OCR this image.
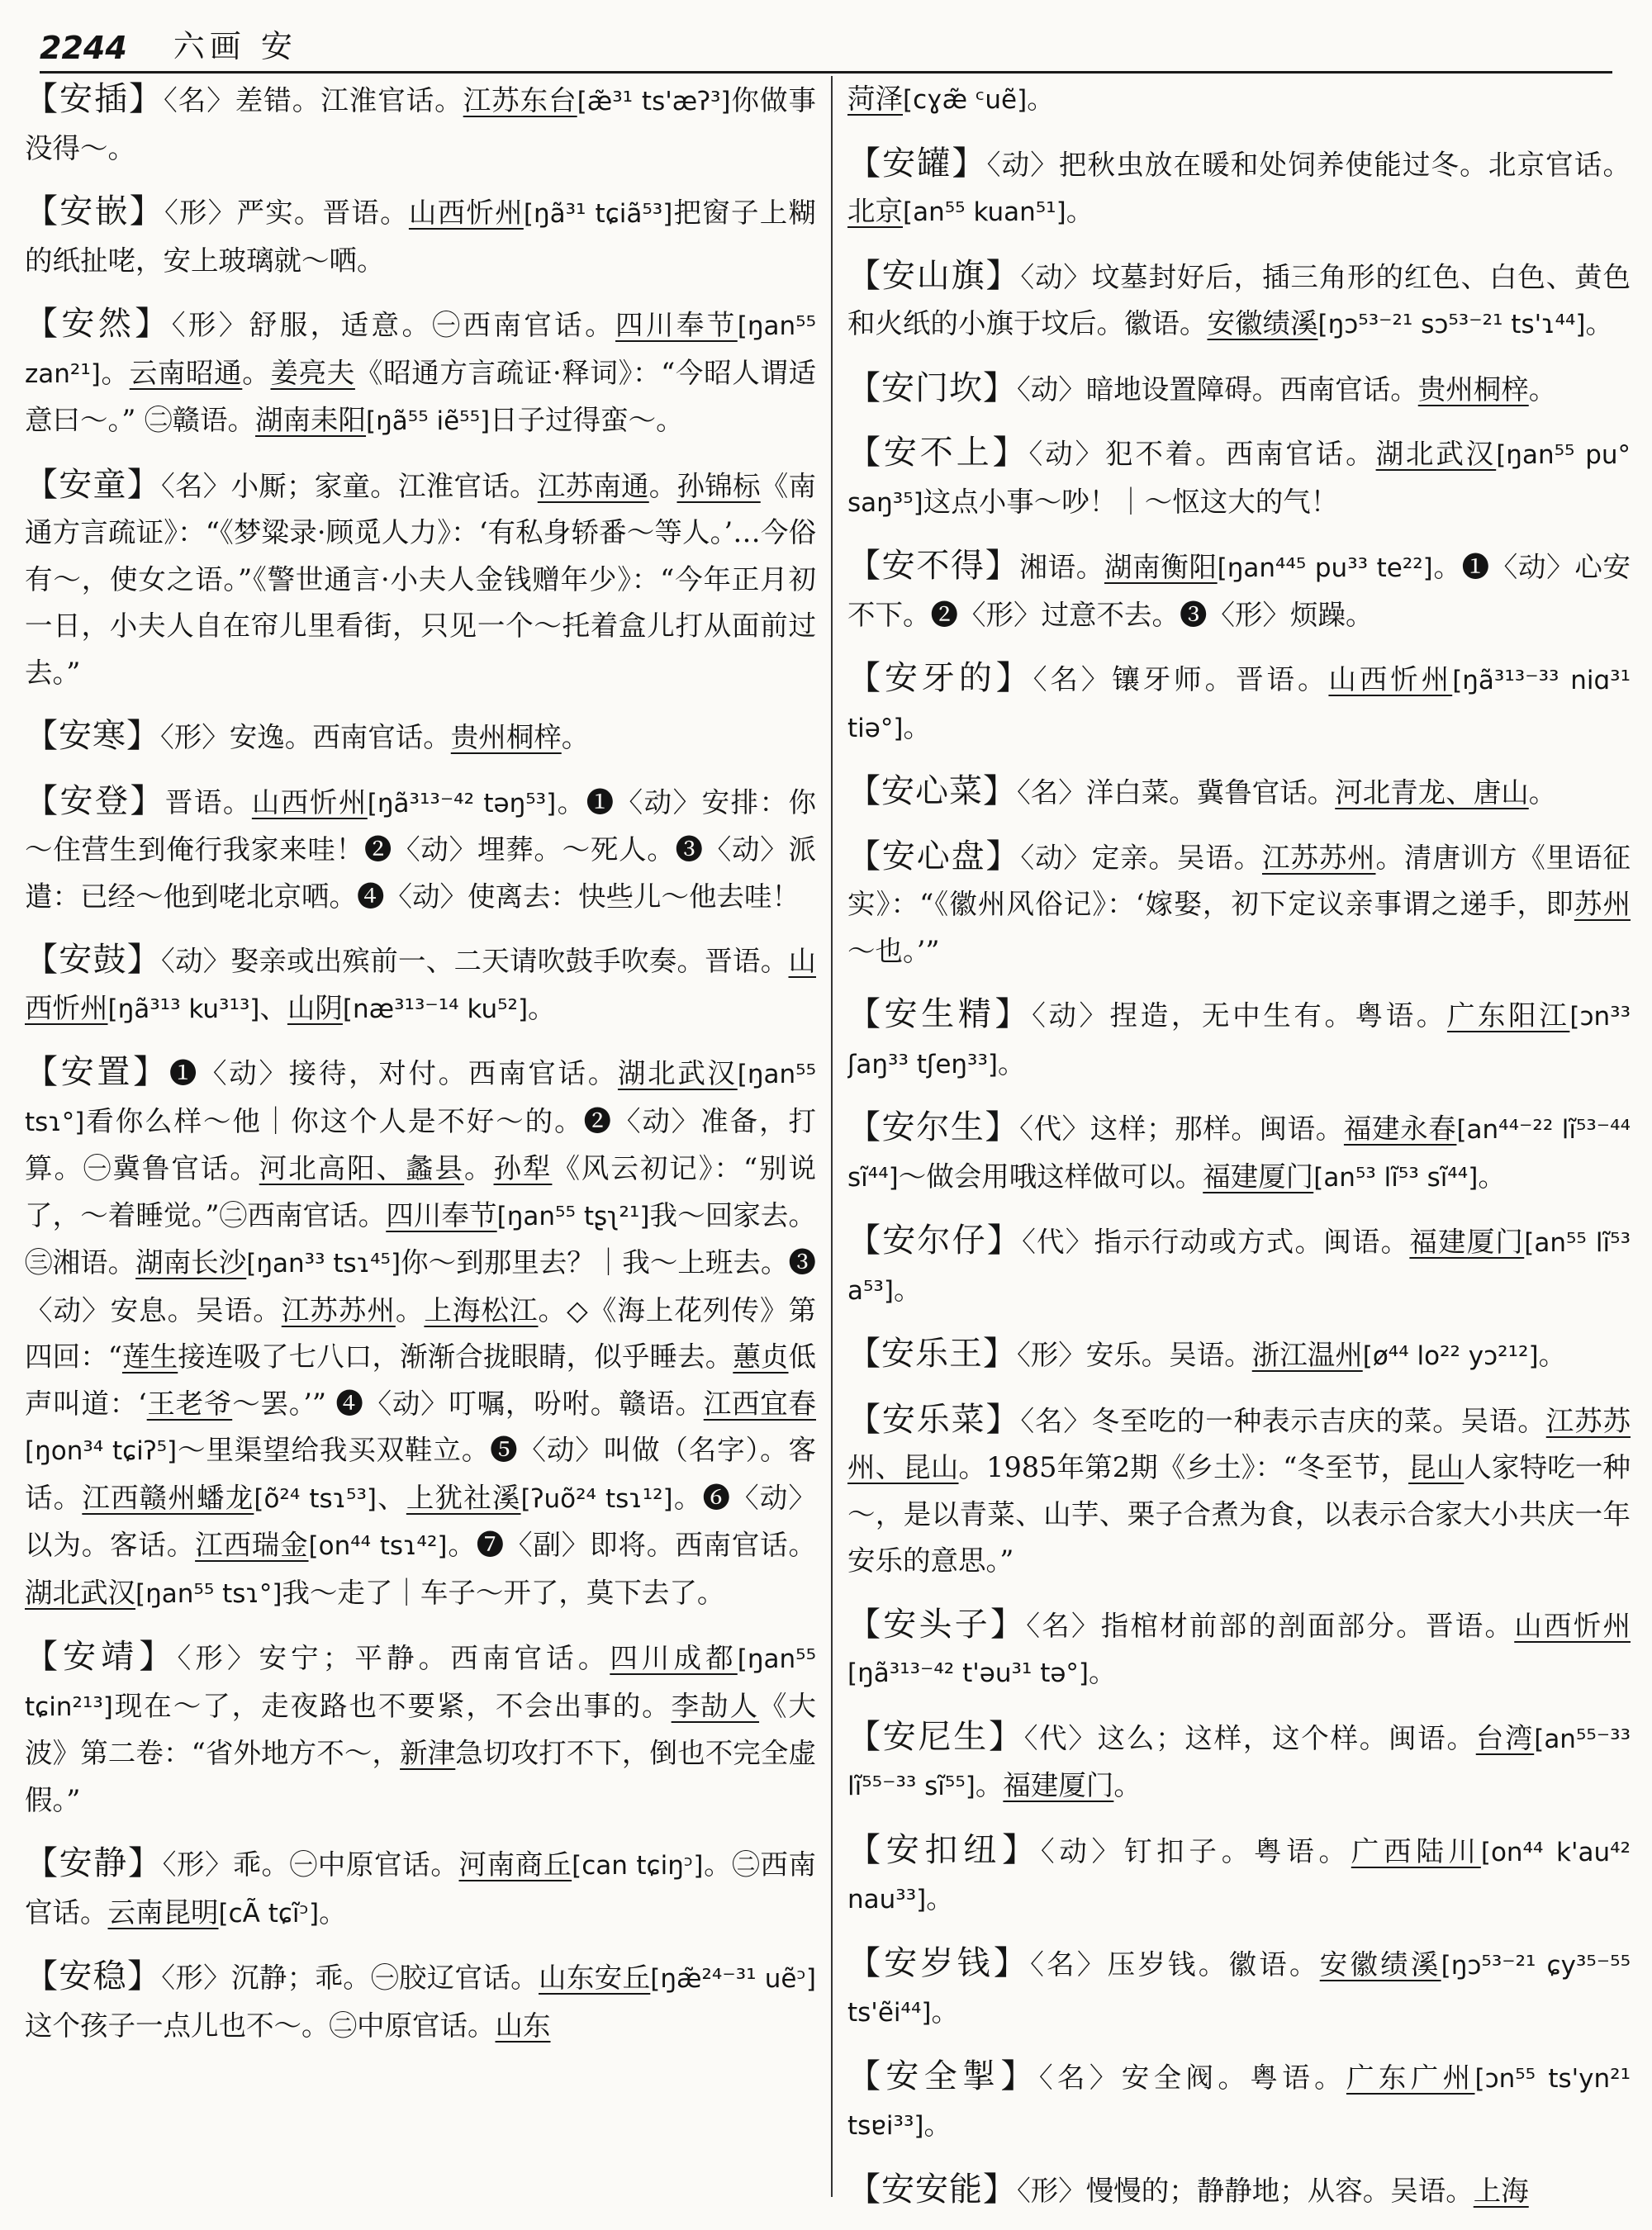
2244 六画 安

【安插】〈名〉差错。江淮官话。江苏东台[æ̃³¹ ts'æʔ³]你做事没得～。

【安嵌】〈形〉严实。晋语。山西忻州[ŋã³¹ tɕiã⁵³]把窗子上糊的纸扯咾，安上玻璃就～哂。

【安然】〈形〉舒服，适意。㊀西南官话。四川奉节[ŋan⁵⁵ zan²¹]。云南昭通。姜亮夫《昭通方言疏证·释词》：“今昭人谓适意曰～。” ㊁赣语。湖南耒阳[ŋã⁵⁵ iẽ⁵⁵]日子过得蛮～。

【安童】〈名〉小厮；家童。江淮官话。江苏南通。孙锦标《南通方言疏证》：“《梦粱录·顾觅人力》：‘有私身轿番～等人。’…今俗有～，使女之语。”《警世通言·小夫人金钱赠年少》：“今年正月初一日，小夫人自在帘儿里看街，只见一个～托着盒儿打从面前过去。”

【安寒】〈形〉安逸。西南官话。贵州桐梓。

【安登】晋语。山西忻州[ŋã³¹³⁻⁴² təŋ⁵³]。❶〈动〉安排：你～住营生到俺行我家来哇！❷〈动〉埋葬。～死人。❸〈动〉派遣：已经～他到咾北京哂。❹〈动〉使离去：快些儿～他去哇！

【安鼓】〈动〉娶亲或出殡前一、二天请吹鼓手吹奏。晋语。山西忻州[ŋã³¹³ ku³¹³]、山阴[næ³¹³⁻¹⁴ ku⁵²]。

【安置】❶〈动〉接待，对付。西南官话。湖北武汉[ŋan⁵⁵ tsɿ°]看你么样～他｜你这个人是不好～的。❷〈动〉准备，打算。㊀冀鲁官话。河北高阳、蠡县。孙犁《风云初记》：“别说了，～着睡觉。”㊁西南官话。四川奉节[ŋan⁵⁵ tʂʅ²¹]我～回家去。㊂湘语。湖南长沙[ŋan³³ tsɿ⁴⁵]你～到那里去？｜我～上班去。❸〈动〉安息。吴语。江苏苏州。上海松江。◇《海上花列传》第四回：“莲生接连吸了七八口，渐渐合拢眼睛，似乎睡去。蕙贞低声叫道：‘王老爷～罢。’” ❹〈动〉叮嘱，吩咐。赣语。江西宜春[ŋon³⁴ tɕiʔ⁵]～里渠望给我买双鞋立。❺〈动〉叫做（名字）。客话。江西赣州蟠龙[õ²⁴ tsɿ⁵³]、上犹社溪[ʔuõ²⁴ tsɿ¹²]。❻〈动〉以为。客话。江西瑞金[on⁴⁴ tsɿ⁴²]。❼〈副〉即将。西南官话。湖北武汉[ŋan⁵⁵ tsɿ°]我～走了｜车子～开了，莫下去了。

【安靖】〈形〉安宁；平静。西南官话。四川成都[ŋan⁵⁵ tɕin²¹³]现在～了，走夜路也不要紧，不会出事的。李劼人《大波》第二卷：“省外地方不～，新津急切攻打不下，倒也不完全虚假。”

【安静】〈形〉乖。㊀中原官话。河南商丘[ᴄan tɕiŋᵓ]。㊁西南官话。云南昆明[ᴄÃ tɕĩᵓ]。

【安稳】〈形〉沉静；乖。㊀胶辽官话。山东安丘[ŋæ̃²⁴⁻³¹ uẽᵓ]这个孩子一点儿也不～。㊁中原官话。山东

菏泽[ᴄɣæ̃ ᶜuẽ]。

【安罐】〈动〉把秋虫放在暖和处饲养使能过冬。北京官话。北京[an⁵⁵ kuan⁵¹]。

【安山旗】〈动〉坟墓封好后，插三角形的红色、白色、黄色和火纸的小旗于坟后。徽语。安徽绩溪[ŋɔ⁵³⁻²¹ sɔ⁵³⁻²¹ ts'ɿ⁴⁴]。

【安门坎】〈动〉暗地设置障碍。西南官话。贵州桐梓。

【安不上】〈动〉犯不着。西南官话。湖北武汉[ŋan⁵⁵ pu° saŋ³⁵]这点小事～吵！｜～怄这大的气！

【安不得】湘语。湖南衡阳[ŋan⁴⁴⁵ pu³³ te²²]。❶〈动〉心安不下。❷〈形〉过意不去。❸〈形〉烦躁。

【安牙的】〈名〉镶牙师。晋语。山西忻州[ŋã³¹³⁻³³ niɑ³¹ tiə°]。

【安心菜】〈名〉洋白菜。冀鲁官话。河北青龙、唐山。

【安心盘】〈动〉定亲。吴语。江苏苏州。清唐训方《里语征实》：“《徽州风俗记》：‘嫁娶，初下定议亲事谓之递手，即苏州～也。’”

【安生精】〈动〉捏造，无中生有。粤语。广东阳江[ɔn³³ ʃaŋ³³ tʃeŋ³³]。

【安尔生】〈代〉这样；那样。闽语。福建永春[an⁴⁴⁻²² lĩ⁵³⁻⁴⁴ sĩ⁴⁴]～做会用哦这样做可以。福建厦门[an⁵³ lĩ⁵³ sĩ⁴⁴]。

【安尔仔】〈代〉指示行动或方式。闽语。福建厦门[an⁵⁵ lĩ⁵³ a⁵³]。

【安乐王】〈形〉安乐。吴语。浙江温州[ø⁴⁴ lo²² yɔ²¹²]。

【安乐菜】〈名〉冬至吃的一种表示吉庆的菜。吴语。江苏苏州、昆山。1985年第2期《乡土》：“冬至节，昆山人家特吃一种～，是以青菜、山芋、栗子合煮为食，以表示合家大小共庆一年安乐的意思。”

【安头子】〈名〉指棺材前部的剖面部分。晋语。山西忻州[ŋã³¹³⁻⁴² t'əu³¹ tə°]。

【安尼生】〈代〉这么；这样，这个样。闽语。台湾[an⁵⁵⁻³³ lĩ⁵⁵⁻³³ sĩ⁵⁵]。福建厦门。

【安扣纽】〈动〉钉扣子。粤语。广西陆川[on⁴⁴ k'au⁴² nau³³]。

【安岁钱】〈名〉压岁钱。徽语。安徽绩溪[ŋɔ⁵³⁻²¹ ɕy³⁵⁻⁵⁵ ts'ẽi⁴⁴]。

【安全掣】〈名〉安全阀。粤语。广东广州[ɔn⁵⁵ ts'yn²¹ tsɐi³³]。

【安安能】〈形〉慢慢的；静静地；从容。吴语。上海
